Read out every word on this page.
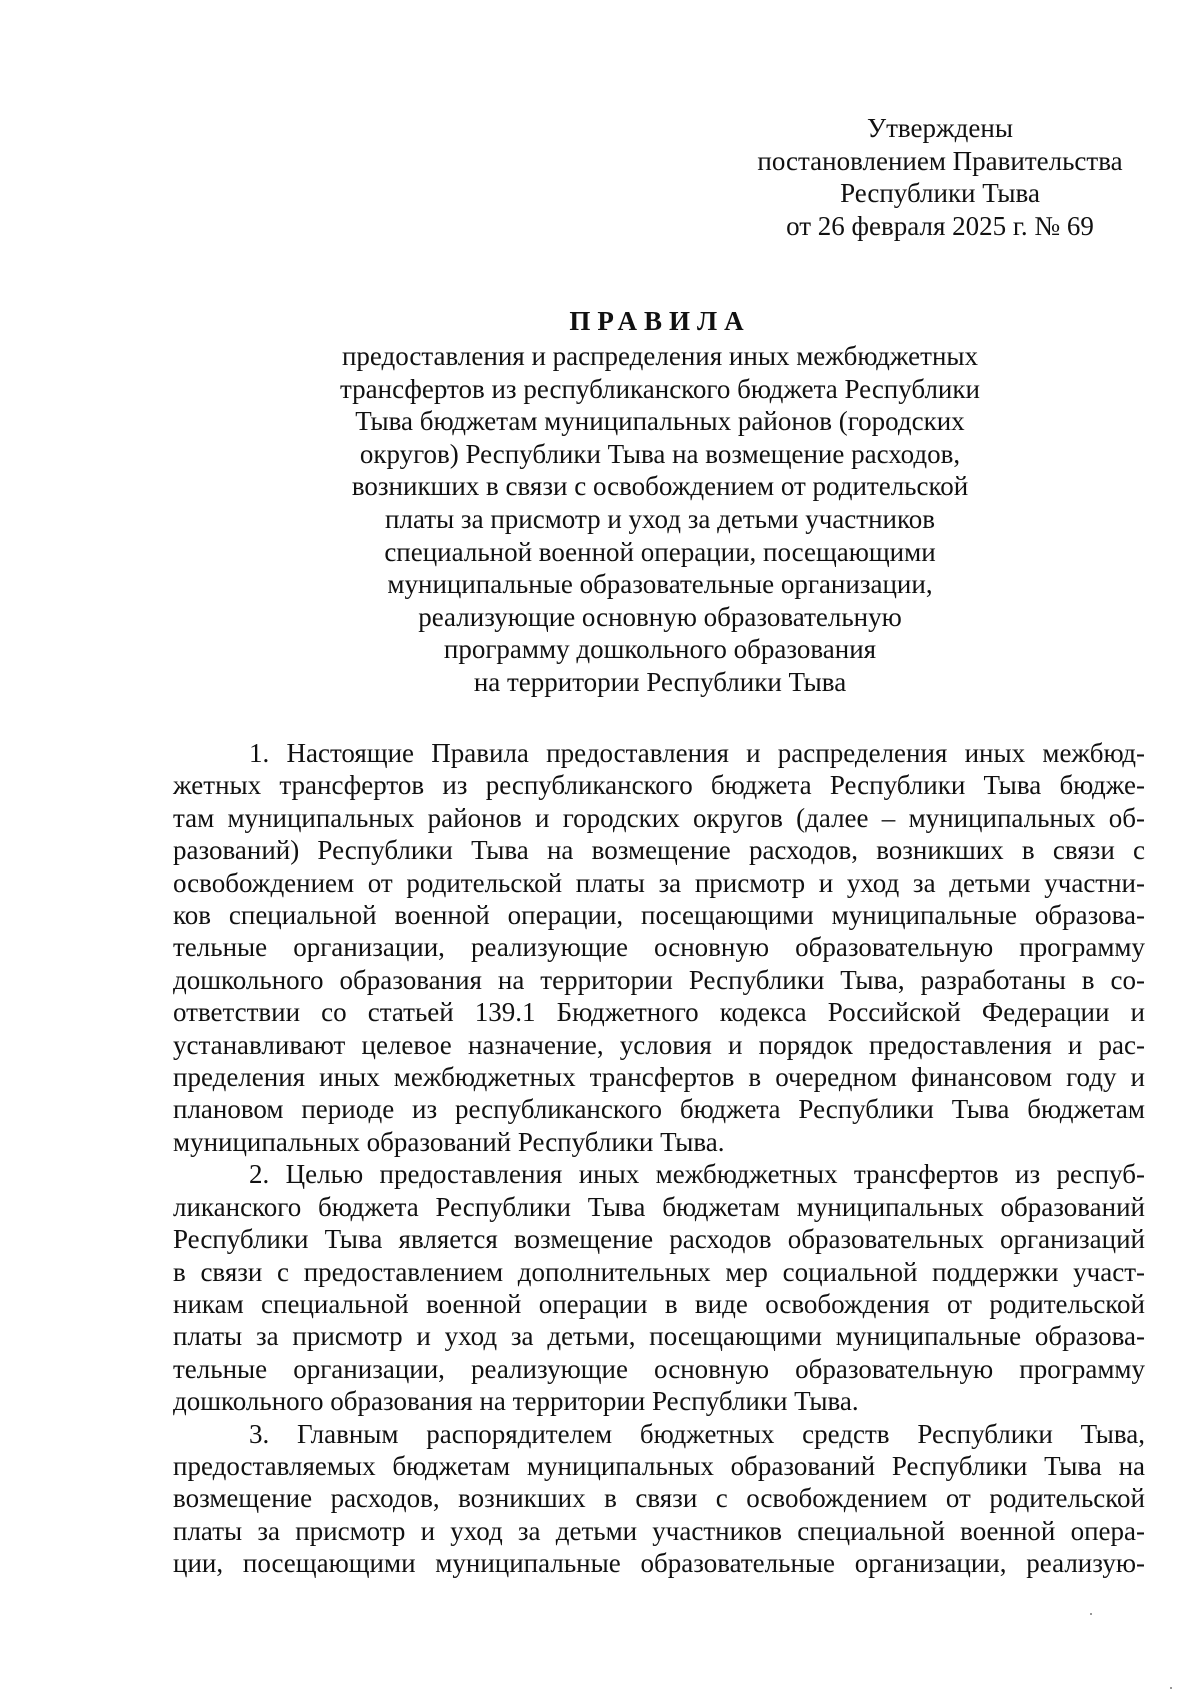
Утверждены
постановлением Правительства
Республики Тыва
от 26 февраля 2025 г. № 69
ПРАВИЛА
предоставления и распределения иных межбюджетных
трансфертов из республиканского бюджета Республики
Тыва бюджетам муниципальных районов (городских
округов) Республики Тыва на возмещение расходов,
возникших в связи с освобождением от родительской
платы за присмотр и уход за детьми участников
специальной военной операции, посещающими
муниципальные образовательные организации,
реализующие основную образовательную
программу дошкольного образования
на территории Республики Тыва
1. Настоящие Правила предоставления и распределения иных межбюд-
жетных трансфертов из республиканского бюджета Республики Тыва бюдже-
там муниципальных районов и городских округов (далее – муниципальных об-
разований) Республики Тыва на возмещение расходов, возникших в связи с
освобождением от родительской платы за присмотр и уход за детьми участни-
ков специальной военной операции, посещающими муниципальные образова-
тельные организации, реализующие основную образовательную программу
дошкольного образования на территории Республики Тыва, разработаны в со-
ответствии со статьей 139.1 Бюджетного кодекса Российской Федерации и
устанавливают целевое назначение, условия и порядок предоставления и рас-
пределения иных межбюджетных трансфертов в очередном финансовом году и
плановом периоде из республиканского бюджета Республики Тыва бюджетам
муниципальных образований Республики Тыва.
2. Целью предоставления иных межбюджетных трансфертов из респуб-
ликанского бюджета Республики Тыва бюджетам муниципальных образований
Республики Тыва является возмещение расходов образовательных организаций
в связи с предоставлением дополнительных мер социальной поддержки участ-
никам специальной военной операции в виде освобождения от родительской
платы за присмотр и уход за детьми, посещающими муниципальные образова-
тельные организации, реализующие основную образовательную программу
дошкольного образования на территории Республики Тыва.
3. Главным распорядителем бюджетных средств Республики Тыва,
предоставляемых бюджетам муниципальных образований Республики Тыва на
возмещение расходов, возникших в связи с освобождением от родительской
платы за присмотр и уход за детьми участников специальной военной опера-
ции, посещающими муниципальные образовательные организации, реализую-
